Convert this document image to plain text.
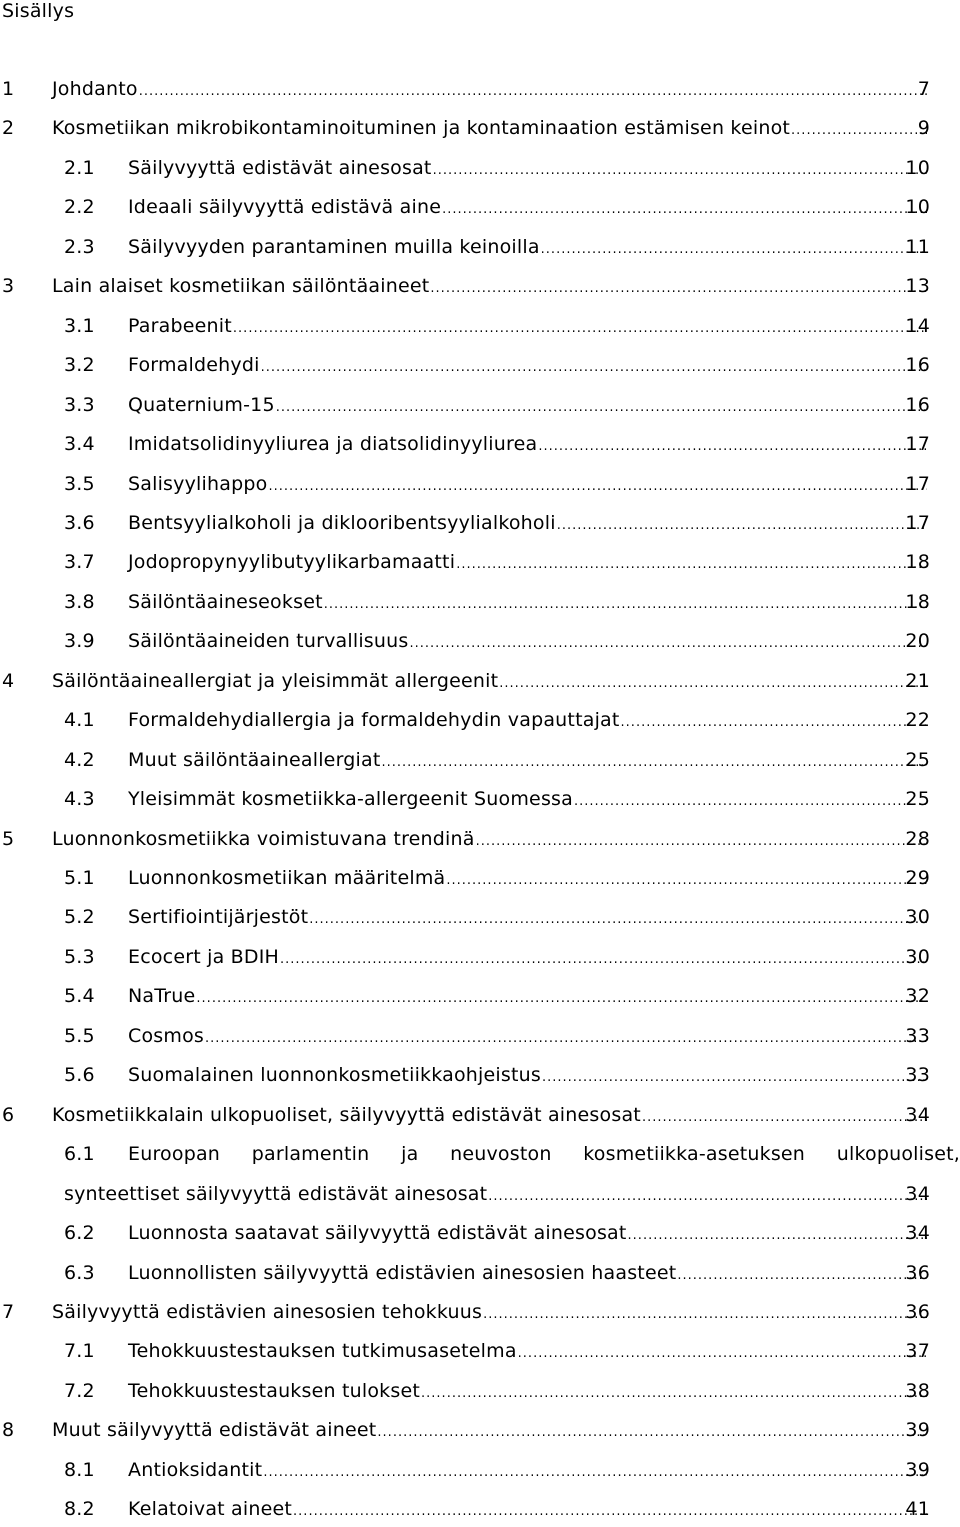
Sisällys
1 Johdanto .....	7
2 Kosmetiikan mikrobikontaminoituminen ja kontaminaation estämisen keinot .....	9
2.1 Säilyvyyttä edistävät ainesosat .....	10
2.2 Ideaali säilyvyyttä edistävä aine .....	10
2.3 Säilyvyyden parantaminen muilla keinoilla .....	11
3 Lain alaiset kosmetiikan säilöntäaineet .....	13
3.1 Parabeenit .....	14
3.2 Formaldehydi .....	16
3.3 Quaternium-15 .....	16
3.4 Imidatsolidinyyliurea ja diatsolidinyyliurea .....	17
3.5 Salisyylihappo .....	17
3.6 Bentsyylialkoholi ja diklooribentsyylialkoholi .....	17
3.7 Jodopropynyylibutyylikarbamaatti .....	18
3.8 Säilöntäaineseokset .....	18
3.9 Säilöntäaineiden turvallisuus .....	20
4 Säilöntäaineallergiat ja yleisimmät allergeenit .....	21
4.1 Formaldehydiallergia ja formaldehydin vapauttajat .....	22
4.2 Muut säilöntäaineallergiat .....	25
4.3 Yleisimmät kosmetiikka-allergeenit Suomessa .....	25
5 Luonnonkosmetiikka voimistuvana trendinä .....	28
5.1 Luonnonkosmetiikan määritelmä .....	29
5.2 Sertifiointijärjestöt .....	30
5.3 Ecocert ja BDIH .....	30
5.4 NaTrue .....	32
5.5 Cosmos .....	33
5.6 Suomalainen luonnonkosmetiikkaohjeistus .....	33
6 Kosmetiikkalain ulkopuoliset, säilyvyyttä edistävät ainesosat .....	34
6.1 Euroopan parlamentin ja neuvoston kosmetiikka-asetuksen ulkopuoliset,
synteettiset säilyvyyttä edistävät ainesosat .....	34
6.2 Luonnosta saatavat säilyvyyttä edistävät ainesosat .....	34
6.3 Luonnollisten säilyvyyttä edistävien ainesosien haasteet .....	36
7 Säilyvyyttä edistävien ainesosien tehokkuus .....	36
7.1 Tehokkuustestauksen tutkimusasetelma .....	37
7.2 Tehokkuustestauksen tulokset .....	38
8 Muut säilyvyyttä edistävät aineet .....	39
8.1 Antioksidantit .....	39
8.2 Kelatoivat aineet .....	41
